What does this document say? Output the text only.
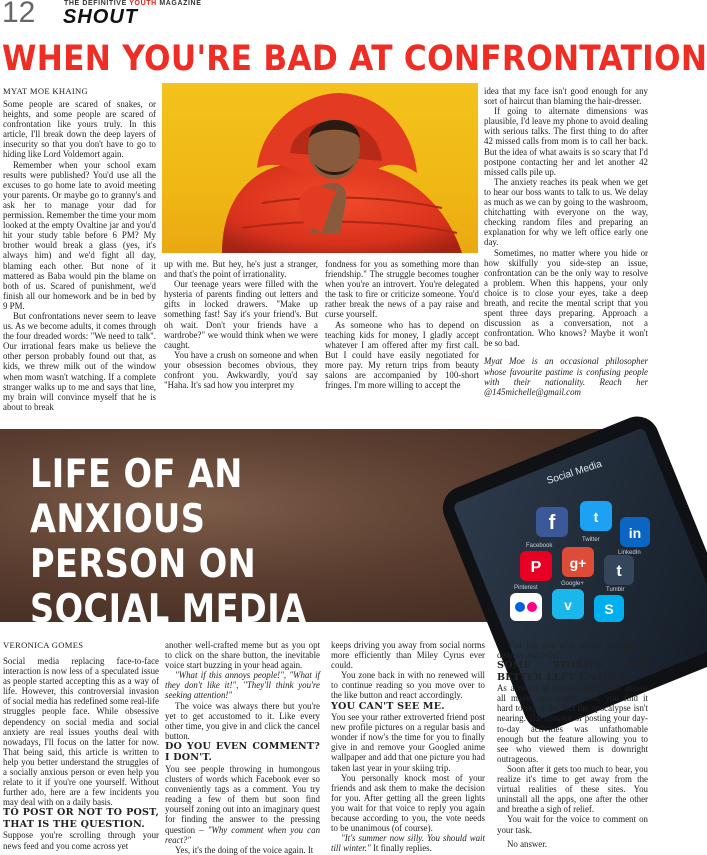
12	THE DEFINITIVE YOUTH MAGAZINE
SHOUT
WHEN YOU'RE BAD AT CONFRONTATION
MYAT MOE KHAING

Some people are scared of snakes, or heights, and some people are scared of confrontation like yours truly. In this article, I'll break down the deep layers of insecurity so that you don't have to go to hiding like Lord Voldemort again.

Remember when your school exam results were published? You'd use all the excuses to go home late to avoid meeting your parents. Or maybe go to granny's and ask her to manage your dad for permission. Remember the time your mom looked at the empty Ovaltine jar and you'd hit your study table before 6 PM? My brother would break a glass (yes, it's always him) and we'd fight all day, blaming each other. But none of it mattered as Baba would pin the blame on both of us. Scared of punishment, we'd finish all our homework and be in bed by 9 PM.

But confrontations never seem to leave us. As we become adults, it comes through the four dreaded words: "We need to talk". Our irrational fears make us believe the other person probably found out that, as kids, we threw milk out of the window when mom wasn't watching. If a complete stranger walks up to me and says that line, my brain will convince myself that he is about to break

up with me. But hey, he's just a stranger, and that's the point of irrationality.

Our teenage years were filled with the hysteria of parents finding out letters and gifts in locked drawers. "Make up something fast! Say it's your friend's. But oh wait. Don't your friends have a wardrobe?" we would think when we were caught.

You have a crush on someone and when your obsession becomes obvious, they confront you. Awkwardly, you'd say "Haha. It's sad how you interpret my

fondness for you as something more than friendship." The struggle becomes tougher when you're an introvert. You're delegated the task to fire or criticize someone. You'd rather break the news of a pay raise and curse yourself.

As someone who has to depend on teaching kids for money, I gladly accept whatever I am offered after my first call. But I could have easily negotiated for more pay. My return trips from beauty salons are accompanied by 100-short fringes. I'm more willing to accept the

idea that my face isn't good enough for any sort of haircut than blaming the hair-dresser.

If going to alternate dimensions was plausible, I'd leave my phone to avoid dealing with serious talks. The first thing to do after 42 missed calls from mom is to call her back. But the idea of what awaits is so scary that I'd postpone contacting her and let another 42 missed calls pile up.

The anxiety reaches its peak when we get to hear our boss wants to talk to us. We delay as much as we can by going to the washroom, chitchatting with everyone on the way, checking random files and preparing an explanation for why we left office early one day.

Sometimes, no matter where you hide or how skilfully you side-step an issue, confrontation can be the only way to resolve a problem. When this happens, your only choice is to close your eyes, take a deep breath, and recite the mental script that you spent three days preparing. Approach a discussion as a conversation, not a confrontation. Who knows? Maybe it won't be so bad.

Myat Moe is an occasional philosopher whose favourite pastime is confusing people with their nationality. Reach her @145michelle@gmail.com

f	t
in
P g+ t
v S
Social Media
Facebook
Twitter
Pinterest
Google+
LinkedIn
Tumblr
LIFE OF AN ANXIOUS
PERSON ON
SOCIAL MEDIA
VERONICA GOMES

Social media replacing face-to-face interaction is now less of a speculated issue as people started accepting this as a way of life. However, this controversial invasion of social media has redefined some real-life struggles people face. While obsessive dependency on social media and social anxiety are real issues youths deal with nowadays, I'll focus on the latter for now. That being said, this article is written to help you better understand the struggles of a socially anxious person or even help you relate to it if you're one yourself. Without further ado, here are a few incidents you may deal with on a daily basis.

TO POST OR NOT TO POST, THAT IS THE QUESTION.

Suppose you're scrolling through your news feed and you come across yet

another well-crafted meme but as you opt to click on the share button, the inevitable voice start buzzing in your head again.

"What if this annoys people!", "What if they don't like it!", "They'll think you're seeking attention!"

The voice was always there but you're yet to get accustomed to it. Like every other time, you give in and click the cancel button.

DO YOU EVEN COMMENT? I DON'T.

You see people throwing in humongous clusters of words which Facebook ever so conveniently tags as a comment. You try reading a few of them but soon find yourself zoning out into an imaginary quest for finding the answer to the pressing question – "Why comment when you can react?"

Yes, it's the doing of the voice again. It

keeps driving you away from social norms more efficiently than Miley Cyrus ever could.

You zone back in with no renewed will to continue reading so you move over to the like button and react accordingly.

YOU CAN'T SEE ME.

You see your rather extroverted friend post new profile pictures on a regular basis and wonder if now's the time for you to finally give in and remove your Googled anime wallpaper and add that one picture you had taken last year in your skiing trip.

You personally knock most of your friends and ask them to make the decision for you. After getting all the green lights you wait for that voice to reply you again because according to you, the vote needs to be unanimous (of course).

"It's summer now silly. You should wait till winter." It finally replies.

You log out with mixed feelings of distress and relief.

SOME STORIES ARE BETTER LEFT UNTOLD.

As a result of stories taking over almost all major networking sites, you find it hard to reject the fact the apocalypse isn't nearing. The concept of posting your day-to-day activities was unfathomable enough but the feature allowing you to see who viewed them is downright outrageous.

Soon after it gets too much to bear, you realize it's time to get away from the virtual realities of these sites. You uninstall all the apps, one after the other and breathe a sigh of relief.

You wait for the voice to comment on your task.

No answer.
